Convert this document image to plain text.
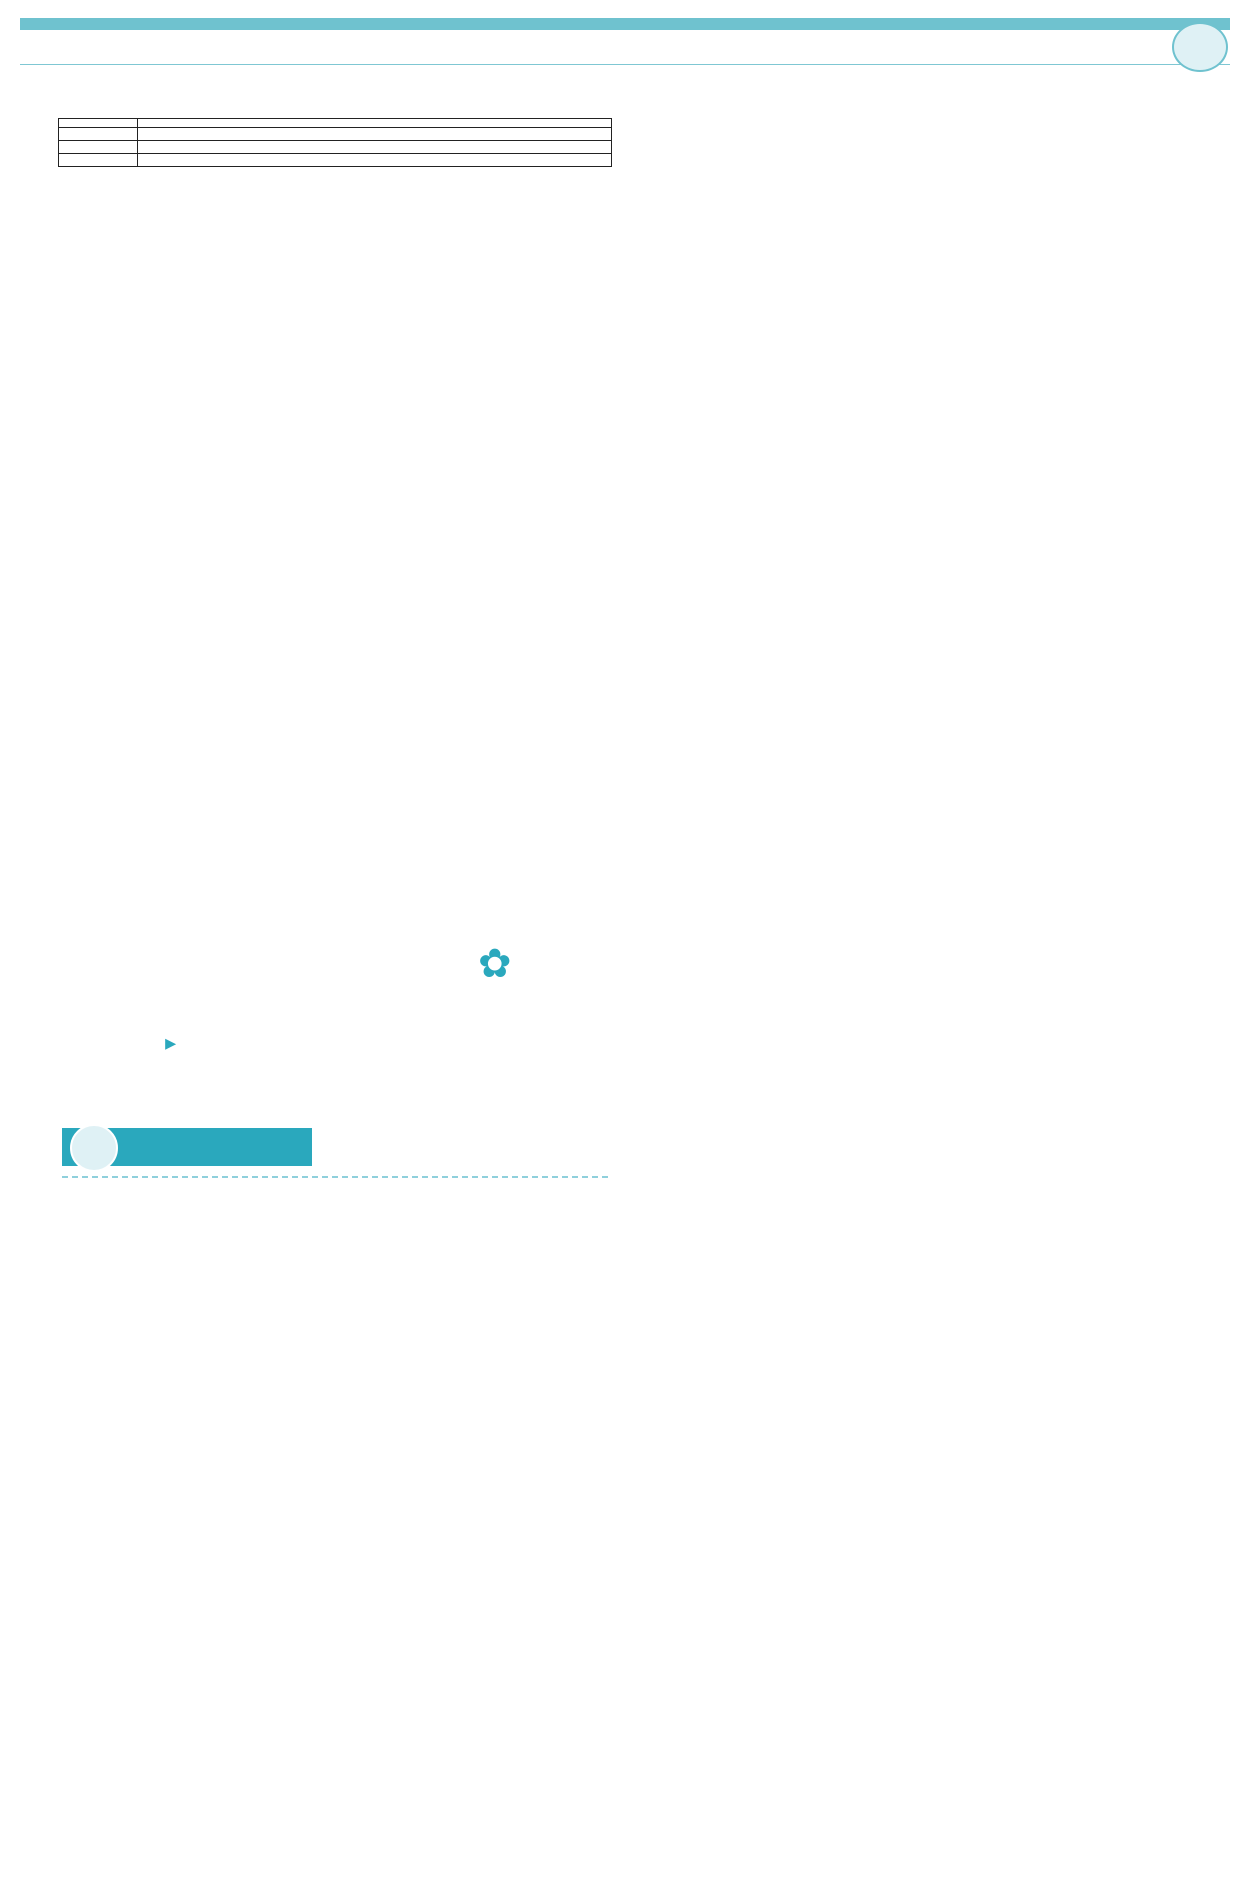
✿
▸
